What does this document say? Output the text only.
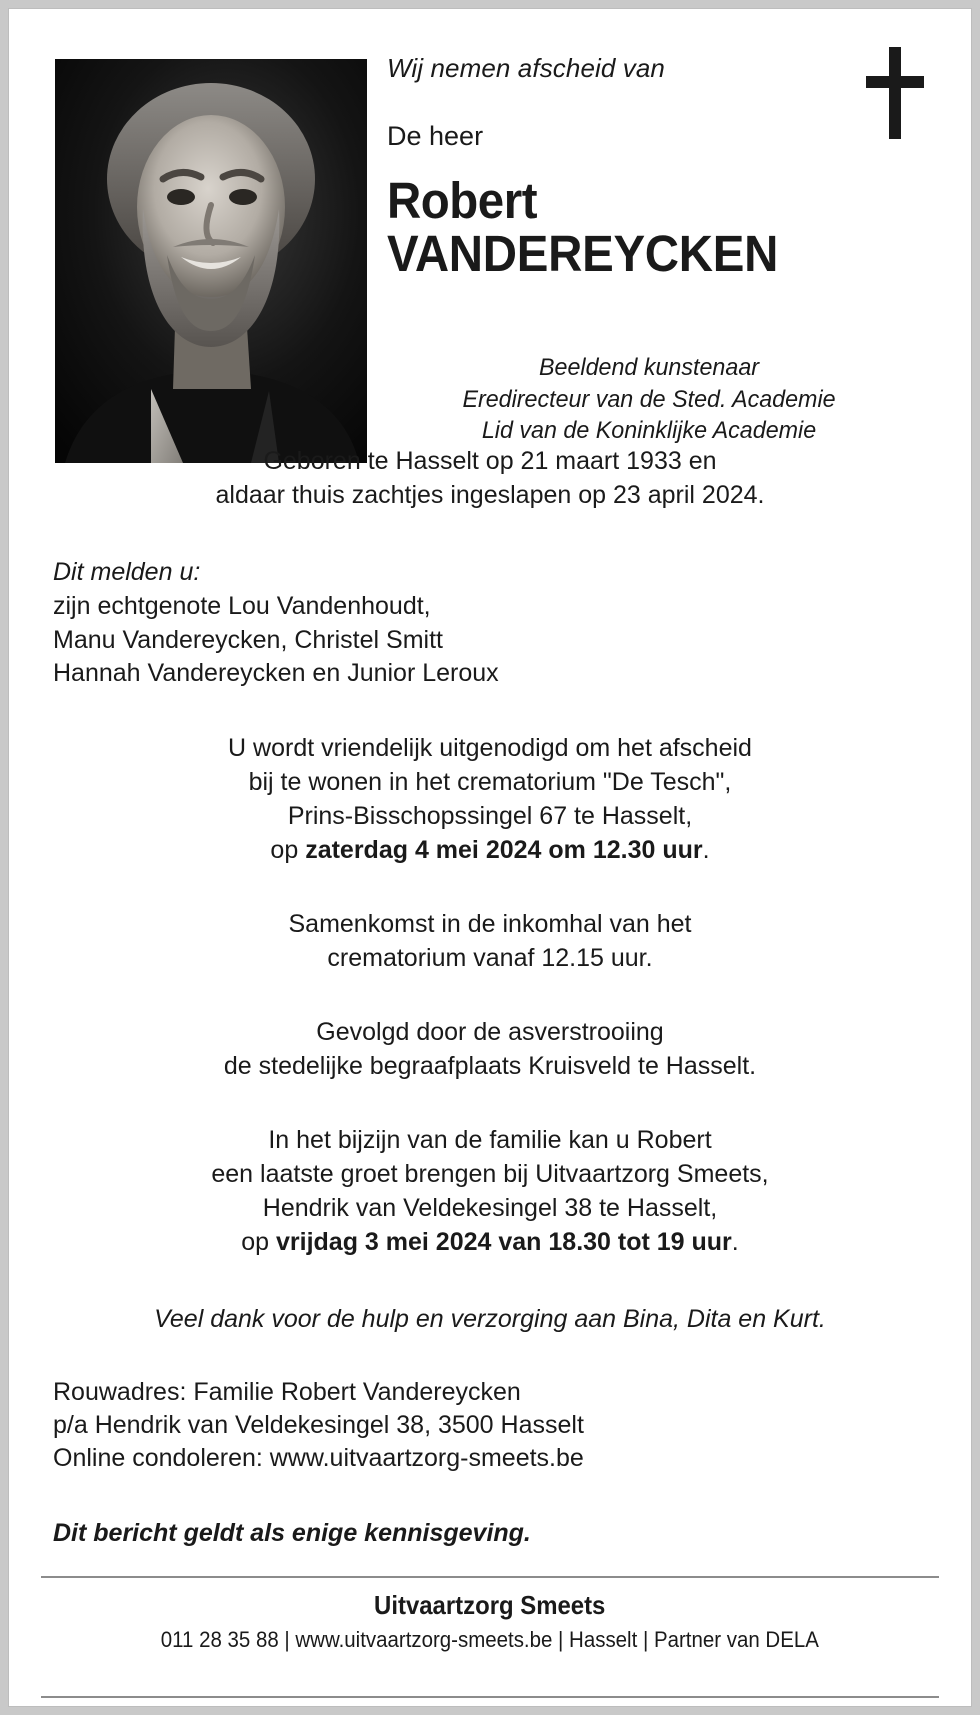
Wij nemen afscheid van
De heer
Robert
VANDEREYCKEN
Beeldend kunstenaar
Eredirecteur van de Sted. Academie
Lid van de Koninklijke Academie
Geboren te Hasselt op 21 maart 1933 en
aldaar thuis zachtjes ingeslapen op 23 april 2024.
Dit melden u:
zijn echtgenote Lou Vandenhoudt,
Manu Vandereycken, Christel Smitt
Hannah Vandereycken en Junior Leroux
U wordt vriendelijk uitgenodigd om het afscheid
bij te wonen in het crematorium "De Tesch",
Prins-Bisschopssingel 67 te Hasselt,
op zaterdag 4 mei 2024 om 12.30 uur.
Samenkomst in de inkomhal van het
crematorium vanaf 12.15 uur.
Gevolgd door de asverstrooiing
de stedelijke begraafplaats Kruisveld te Hasselt.
In het bijzijn van de familie kan u Robert
een laatste groet brengen bij Uitvaartzorg Smeets,
Hendrik van Veldekesingel 38 te Hasselt,
op vrijdag 3 mei 2024 van 18.30 tot 19 uur.
Veel dank voor de hulp en verzorging aan Bina, Dita en Kurt.
Rouwadres: Familie Robert Vandereycken
p/a Hendrik van Veldekesingel 38, 3500 Hasselt
Online condoleren: www.uitvaartzorg-smeets.be
Dit bericht geldt als enige kennisgeving.
Uitvaartzorg Smeets
011 28 35 88 | www.uitvaartzorg-smeets.be | Hasselt | Partner van DELA
